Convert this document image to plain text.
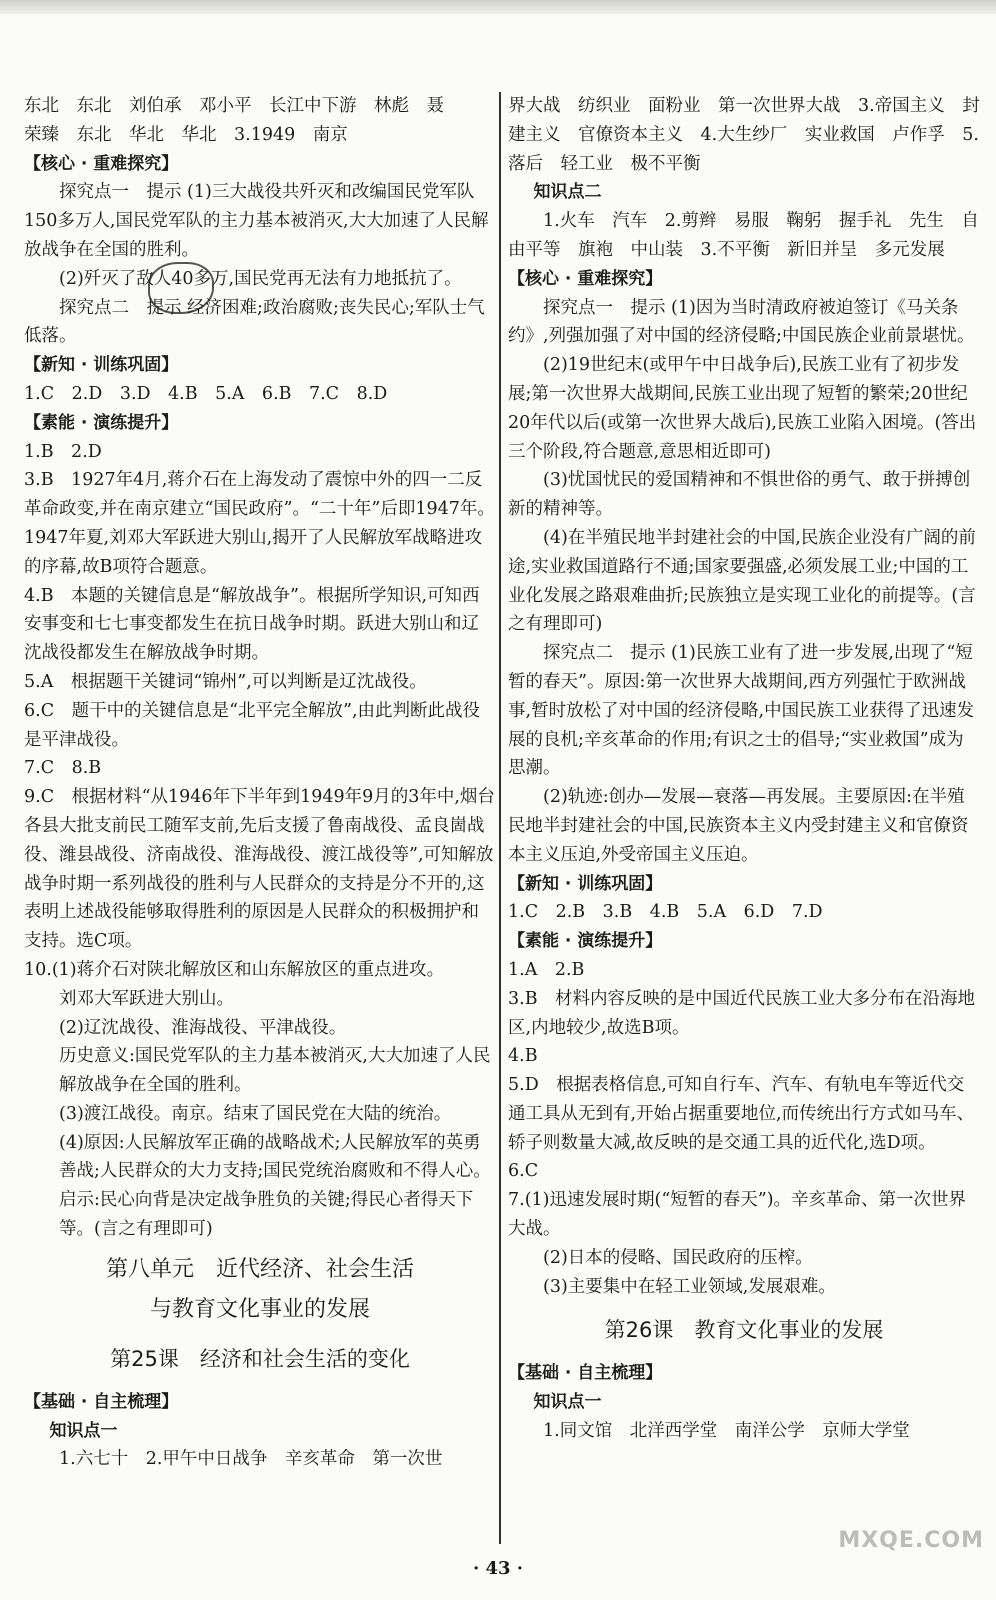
东北　东北　刘伯承　邓小平　长江中下游　林彪　聂

荣臻　东北　华北　华北　3.1949　南京

【核心 · 重难探究】

探究点一　提示 (1)三大战役共歼灭和改编国民党军队150多万人,国民党军队的主力基本被消灭,大大加速了人民解放战争在全国的胜利。

(2)歼灭了敌人40多万,国民党再无法有力地抵抗了。

探究点二　提示 经济困难;政治腐败;丧失民心;军队士气低落。

【新知 · 训练巩固】

1.C　2.D　3.D　4.B　5.A　6.B　7.C　8.D

【素能 · 演练提升】

1.B　2.D

3.B　1927年4月,蒋介石在上海发动了震惊中外的四一二反革命政变,并在南京建立“国民政府”。“二十年”后即1947年。1947年夏,刘邓大军跃进大别山,揭开了人民解放军战略进攻的序幕,故B项符合题意。

4.B　本题的关键信息是“解放战争”。根据所学知识,可知西安事变和七七事变都发生在抗日战争时期。跃进大别山和辽沈战役都发生在解放战争时期。

5.A　根据题干关键词“锦州”,可以判断是辽沈战役。

6.C　题干中的关键信息是“北平完全解放”,由此判断此战役是平津战役。

7.C　8.B

9.C　根据材料“从1946年下半年到1949年9月的3年中,烟台各县大批支前民工随军支前,先后支援了鲁南战役、孟良崮战役、潍县战役、济南战役、淮海战役、渡江战役等”,可知解放战争时期一系列战役的胜利与人民群众的支持是分不开的,这表明上述战役能够取得胜利的原因是人民群众的积极拥护和支持。选C项。

10.(1)蒋介石对陕北解放区和山东解放区的重点进攻。

刘邓大军跃进大别山。

(2)辽沈战役、淮海战役、平津战役。

历史意义:国民党军队的主力基本被消灭,大大加速了人民解放战争在全国的胜利。

(3)渡江战役。南京。结束了国民党在大陆的统治。

(4)原因:人民解放军正确的战略战术;人民解放军的英勇善战;人民群众的大力支持;国民党统治腐败和不得人心。启示:民心向背是决定战争胜负的关键;得民心者得天下等。(言之有理即可)

第八单元　近代经济、社会生活

与教育文化事业的发展

第25课　经济和社会生活的变化

【基础 · 自主梳理】

知识点一

1.六七十　2.甲午中日战争　辛亥革命　第一次世

界大战　纺织业　面粉业　第一次世界大战　3.帝国主义　封建主义　官僚资本主义　4.大生纱厂　实业救国　卢作孚　5.落后　轻工业　极不平衡

知识点二

1.火车　汽车　2.剪辫　易服　鞠躬　握手礼　先生　自由平等　旗袍　中山装　3.不平衡　新旧并呈　多元发展

【核心 · 重难探究】

探究点一　提示 (1)因为当时清政府被迫签订《马关条约》,列强加强了对中国的经济侵略;中国民族企业前景堪忧。

(2)19世纪末(或甲午中日战争后),民族工业有了初步发展;第一次世界大战期间,民族工业出现了短暂的繁荣;20世纪20年代以后(或第一次世界大战后),民族工业陷入困境。(答出三个阶段,符合题意,意思相近即可)

(3)忧国忧民的爱国精神和不惧世俗的勇气、敢于拼搏创新的精神等。

(4)在半殖民地半封建社会的中国,民族企业没有广阔的前途,实业救国道路行不通;国家要强盛,必须发展工业;中国的工业化发展之路艰难曲折;民族独立是实现工业化的前提等。(言之有理即可)

探究点二　提示 (1)民族工业有了进一步发展,出现了“短暂的春天”。原因:第一次世界大战期间,西方列强忙于欧洲战事,暂时放松了对中国的经济侵略,中国民族工业获得了迅速发展的良机;辛亥革命的作用;有识之士的倡导;“实业救国”成为思潮。

(2)轨迹:创办—发展—衰落—再发展。主要原因:在半殖民地半封建社会的中国,民族资本主义内受封建主义和官僚资本主义压迫,外受帝国主义压迫。

【新知 · 训练巩固】

1.C　2.B　3.B　4.B　5.A　6.D　7.D

【素能 · 演练提升】

1.A　2.B

3.B　材料内容反映的是中国近代民族工业大多分布在沿海地区,内地较少,故选B项。

4.B

5.D　根据表格信息,可知自行车、汽车、有轨电车等近代交通工具从无到有,开始占据重要地位,而传统出行方式如马车、轿子则数量大减,故反映的是交通工具的近代化,选D项。

6.C

7.(1)迅速发展时期(“短暂的春天”)。辛亥革命、第一次世界大战。

(2)日本的侵略、国民政府的压榨。

(3)主要集中在轻工业领域,发展艰难。

第26课　教育文化事业的发展

【基础 · 自主梳理】

知识点一

1.同文馆　北洋西学堂　南洋公学　京师大学堂

· 43 ·
MXQE.COM
